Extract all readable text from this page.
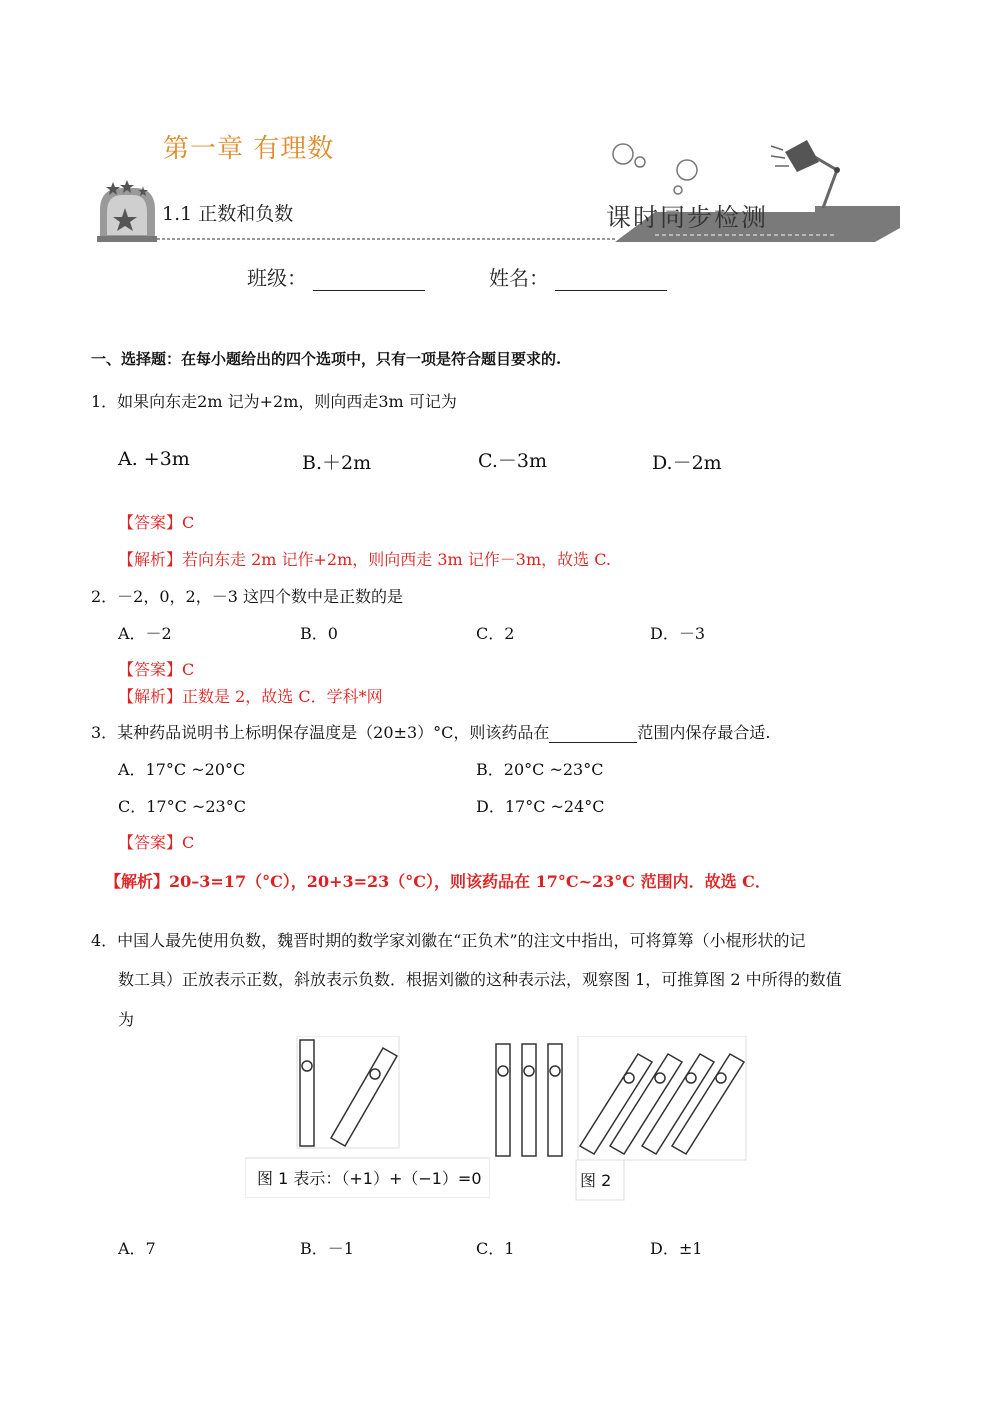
第一章 有理数
1.1 正数和负数	课时同步检测
班级：	姓名：
一、选择题：在每小题给出的四个选项中，只有一项是符合题目要求的.
1．如果向东走2m 记为+2m，则向西走3m 可记为
A. +3m	B.＋2m	C.－3m	D.－2m
【答案】C
【解析】若向东走 2m 记作+2m，则向西走 3m 记作－3m，故选 C.
2．－2，0，2，－3 这四个数中是正数的是
A．－2	B．0	C．2	D．－3
【答案】C
【解析】正数是 2，故选 C．学科*网
3．某种药品说明书上标明保存温度是（20±3）°C，则该药品在	范围内保存最合适.
A．17°C ~20°C	B．20°C ~23°C
C．17°C ~23°C	D．17°C ~24°C
【答案】C
【解析】20–3=17（°C），20+3=23（°C），则该药品在 17°C~23°C 范围内．故选 C．
4．中国人最先使用负数，魏晋时期的数学家刘徽在“正负术”的注文中指出，可将算筹（小棍形状的记
数工具）正放表示正数，斜放表示负数．根据刘徽的这种表示法，观察图 1，可推算图 2 中所得的数值
为
图 1 表示：（+1）+（−1）=0	图 2
A．7	B．－1	C．1	D．±1
